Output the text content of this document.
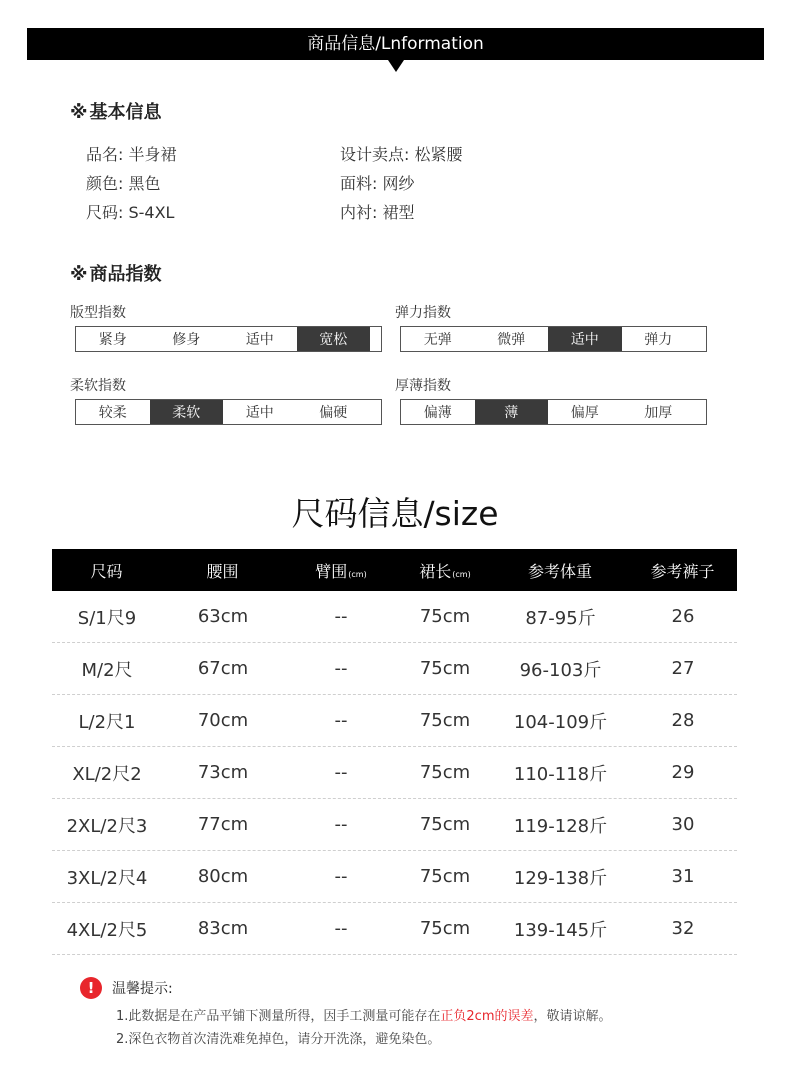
商品信息/Lnformation
※ 基本信息
品名: 半身裙	设计卖点: 松紧腰
颜色: 黑色	面料: 网纱
尺码: S-4XL	内衬: 裙型
※ 商品指数
版型指数
紧身	修身	适中	宽松
弹力指数
无弹	微弹	适中	弹力
柔软指数
较柔	柔软	适中	偏硬
厚薄指数
偏薄	薄	偏厚	加厚
尺码信息/size
尺码	腰围	臂围(cm)	裙长(cm)	参考体重	参考裤子
S/1尺9	63cm	--	75cm	87-95斤	26
M/2尺	67cm	--	75cm	96-103斤	27
L/2尺1	70cm	--	75cm	104-109斤	28
XL/2尺2	73cm	--	75cm	110-118斤	29
2XL/2尺3	77cm	--	75cm	119-128斤	30
3XL/2尺4	80cm	--	75cm	129-138斤	31
4XL/2尺5	83cm	--	75cm	139-145斤	32
!	温馨提示:
1.此数据是在产品平铺下测量所得，因手工测量可能存在正负2cm的误差，敬请谅解。
2.深色衣物首次清洗难免掉色，请分开洗涤，避免染色。
